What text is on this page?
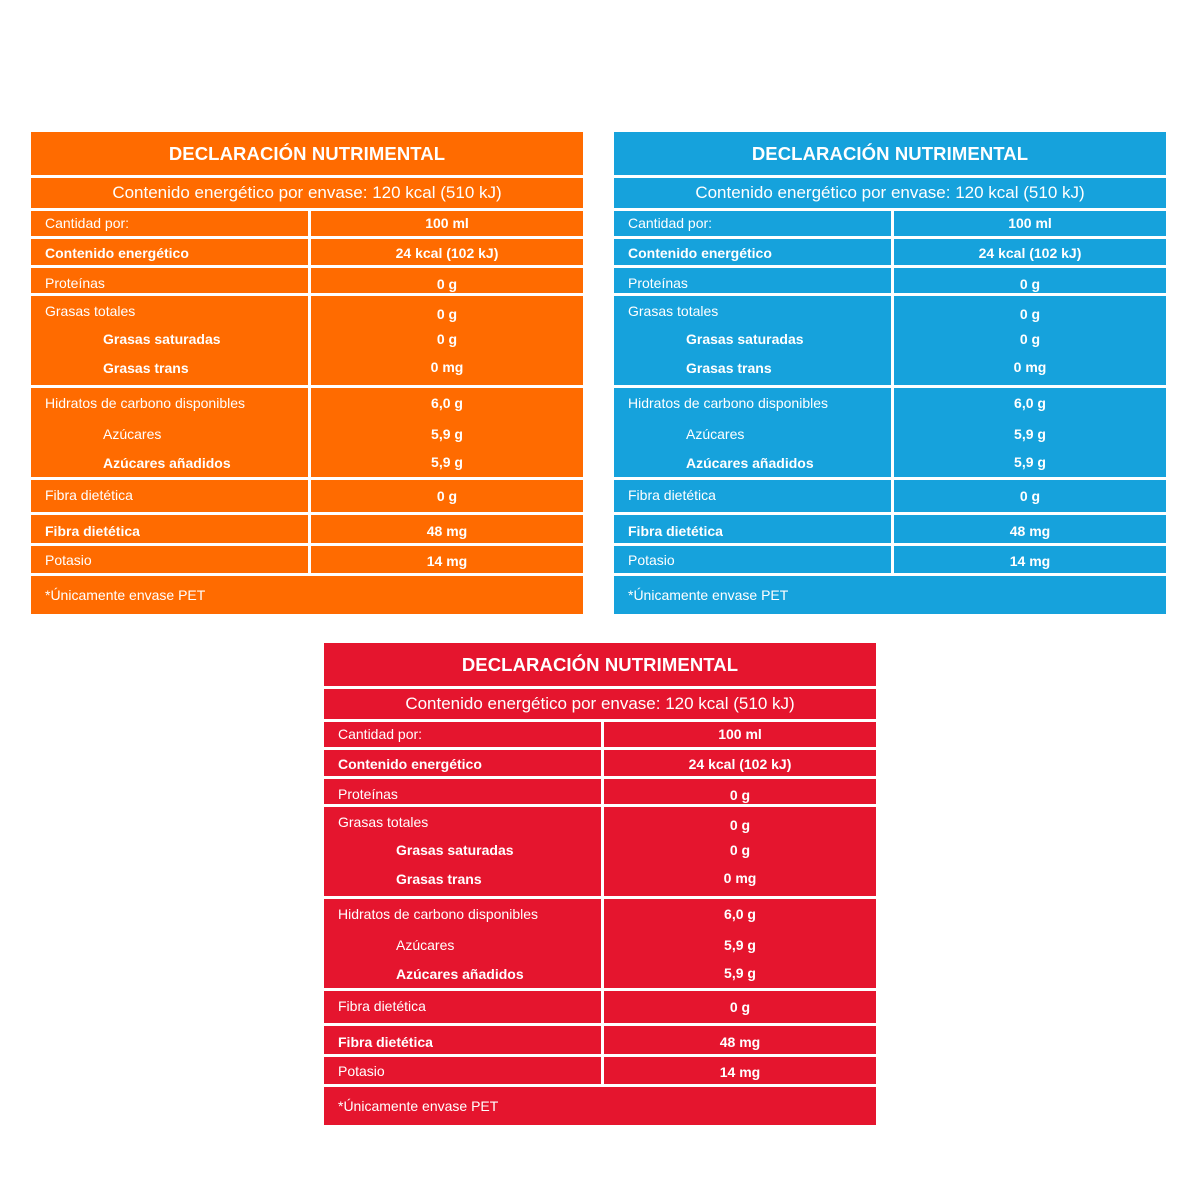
DECLARACIÓN NUTRIMENTAL
Contenido energético por envase: 120 kcal (510 kJ)
Cantidad por:	100 ml
Contenido energético	24 kcal (102 kJ)
Proteínas	0 g
Grasas totales	0 g
Grasas saturadas	0 g
Grasas trans	0 mg
Hidratos de carbono disponibles	6,0 g
Azúcares	5,9 g
Azúcares añadidos	5,9 g
Fibra dietética	0 g
Fibra dietética	48 mg
Potasio	14 mg
*Únicamente envase PET
DECLARACIÓN NUTRIMENTAL
Contenido energético por envase: 120 kcal (510 kJ)
Cantidad por:	100 ml
Contenido energético	24 kcal (102 kJ)
Proteínas	0 g
Grasas totales	0 g
Grasas saturadas	0 g
Grasas trans	0 mg
Hidratos de carbono disponibles	6,0 g
Azúcares	5,9 g
Azúcares añadidos	5,9 g
Fibra dietética	0 g
Fibra dietética	48 mg
Potasio	14 mg
*Únicamente envase PET
DECLARACIÓN NUTRIMENTAL
Contenido energético por envase: 120 kcal (510 kJ)
Cantidad por:	100 ml
Contenido energético	24 kcal (102 kJ)
Proteínas	0 g
Grasas totales	0 g
Grasas saturadas	0 g
Grasas trans	0 mg
Hidratos de carbono disponibles	6,0 g
Azúcares	5,9 g
Azúcares añadidos	5,9 g
Fibra dietética	0 g
Fibra dietética	48 mg
Potasio	14 mg
*Únicamente envase PET
